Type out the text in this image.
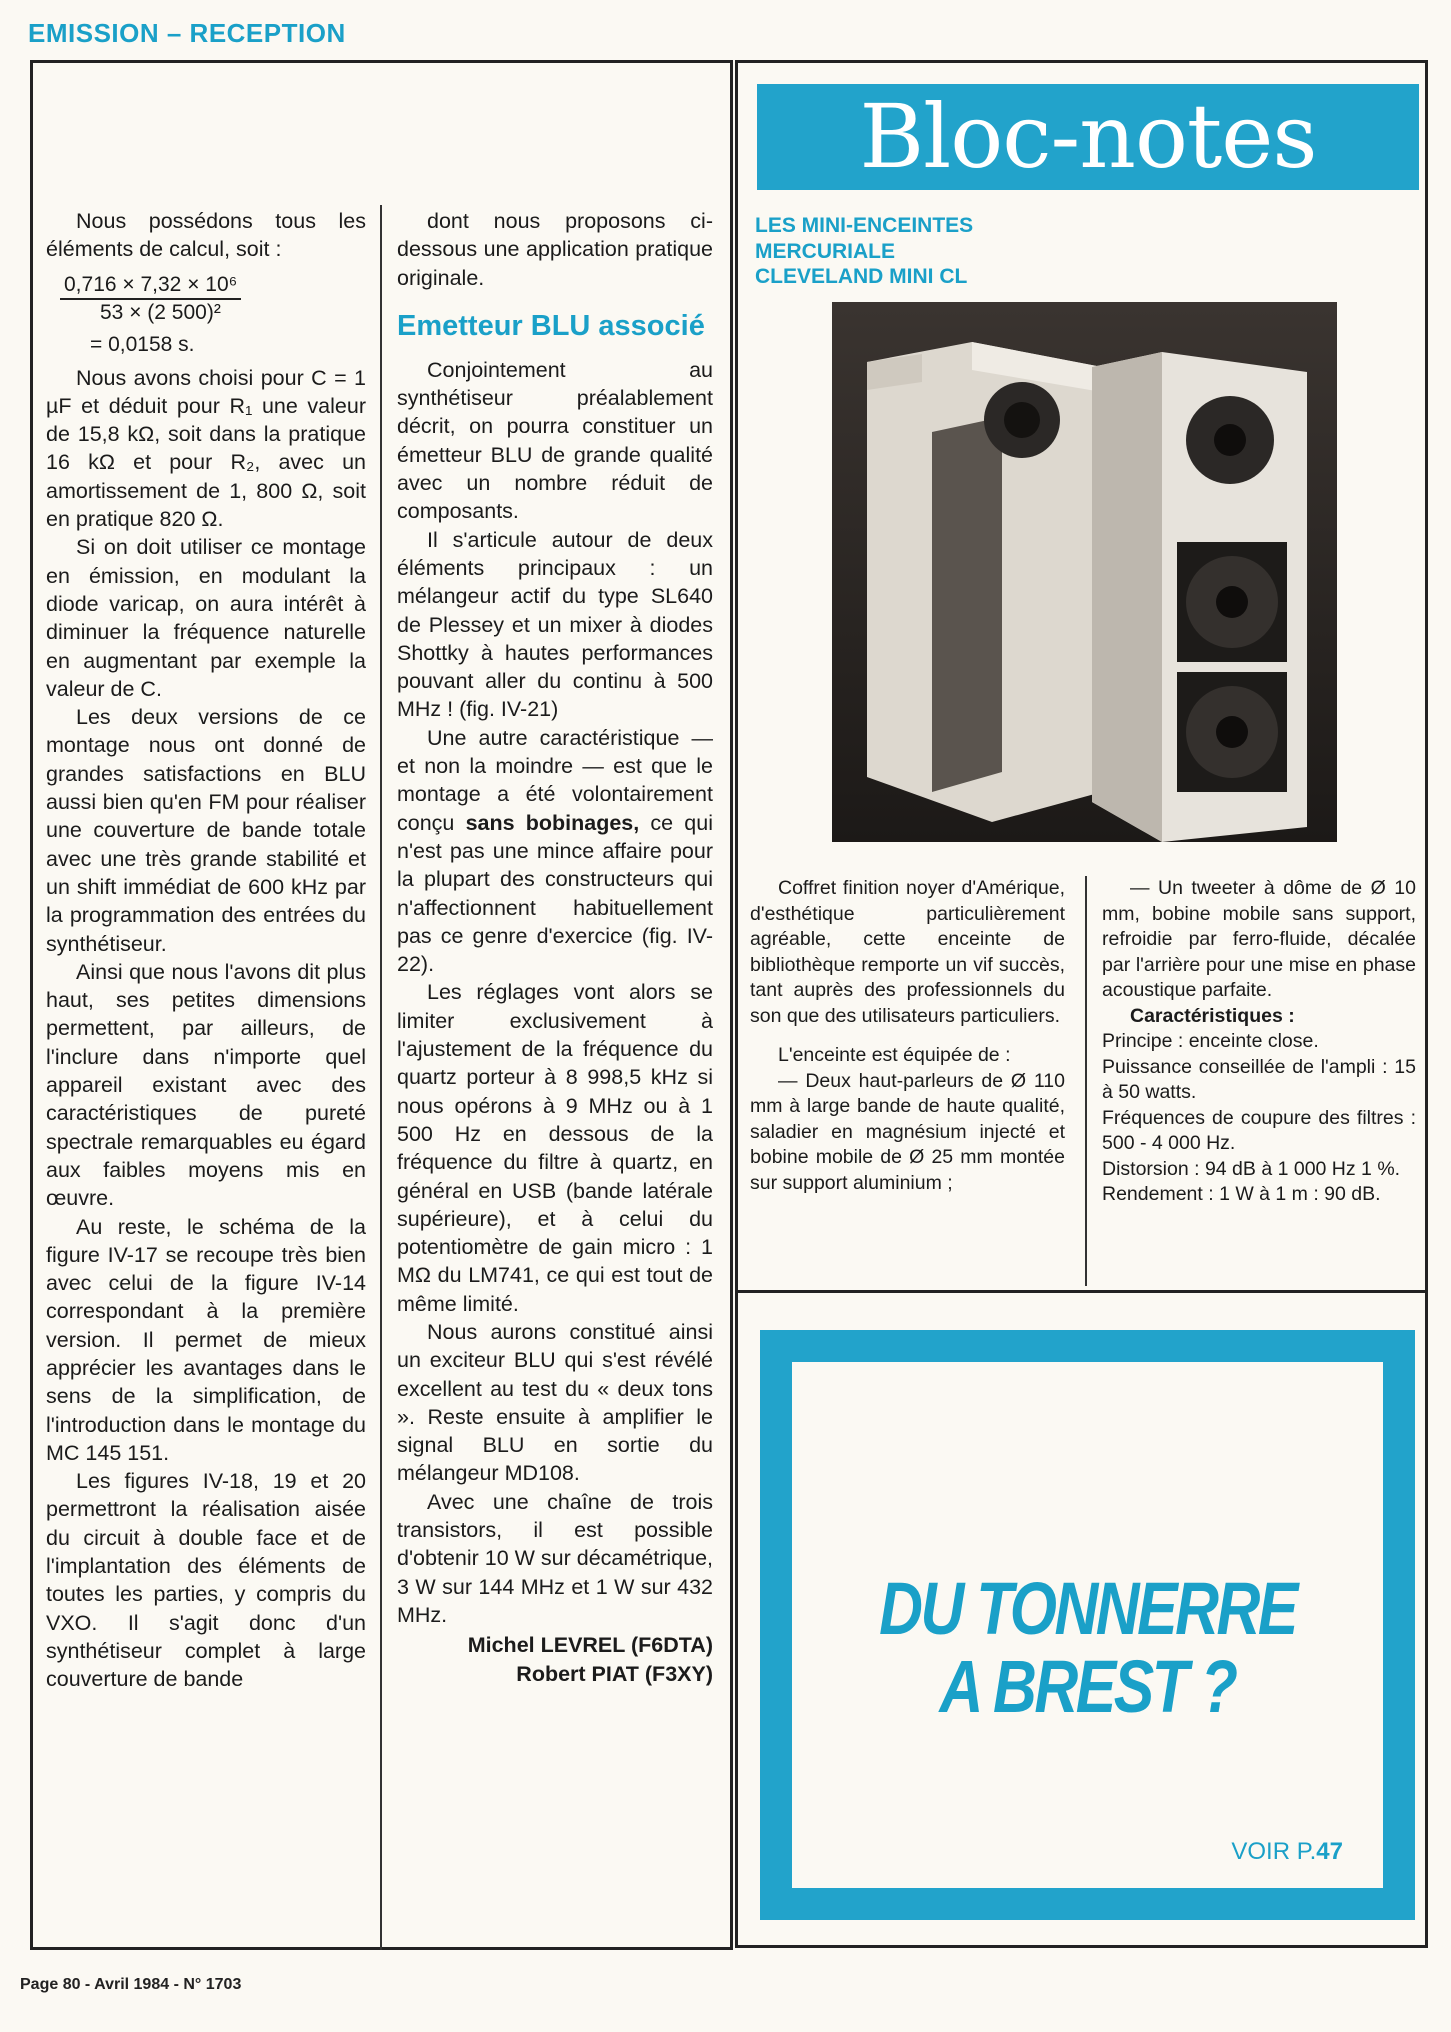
EMISSION – RECEPTION

Nous possédons tous les éléments de calcul, soit :

0,716 × 7,32 × 10⁶
53 × (2 500)²
= 0,0158 s.

Nous avons choisi pour C = 1 µF et déduit pour R₁ une valeur de 15,8 kΩ, soit dans la pratique 16 kΩ et pour R₂, avec un amortissement de 1, 800 Ω, soit en pratique 820 Ω.

Si on doit utiliser ce montage en émission, en modulant la diode varicap, on aura intérêt à diminuer la fréquence naturelle en augmentant par exemple la valeur de C.

Les deux versions de ce montage nous ont donné de grandes satisfactions en BLU aussi bien qu'en FM pour réaliser une couverture de bande totale avec une très grande stabilité et un shift immédiat de 600 kHz par la programmation des entrées du synthétiseur.

Ainsi que nous l'avons dit plus haut, ses petites dimensions permettent, par ailleurs, de l'inclure dans n'importe quel appareil existant avec des caractéristiques de pureté spectrale remarquables eu égard aux faibles moyens mis en œuvre.

Au reste, le schéma de la figure IV-17 se recoupe très bien avec celui de la figure IV-14 correspondant à la première version. Il permet de mieux apprécier les avantages dans le sens de la simplification, de l'introduction dans le montage du MC 145 151.

Les figures IV-18, 19 et 20 permettront la réalisation aisée du circuit à double face et de l'implantation des éléments de toutes les parties, y compris du VXO. Il s'agit donc d'un synthétiseur complet à large couverture de bande

dont nous proposons ci-dessous une application pratique originale.

Emetteur BLU associé

Conjointement au synthétiseur préalablement décrit, on pourra constituer un émetteur BLU de grande qualité avec un nombre réduit de composants.

Il s'articule autour de deux éléments principaux : un mélangeur actif du type SL640 de Plessey et un mixer à diodes Shottky à hautes performances pouvant aller du continu à 500 MHz ! (fig. IV-21)

Une autre caractéristique — et non la moindre — est que le montage a été volontairement conçu sans bobinages, ce qui n'est pas une mince affaire pour la plupart des constructeurs qui n'affectionnent habituellement pas ce genre d'exercice (fig. IV-22).

Les réglages vont alors se limiter exclusivement à l'ajustement de la fréquence du quartz porteur à 8 998,5 kHz si nous opérons à 9 MHz ou à 1 500 Hz en dessous de la fréquence du filtre à quartz, en général en USB (bande latérale supérieure), et à celui du potentiomètre de gain micro : 1 MΩ du LM741, ce qui est tout de même limité.

Nous aurons constitué ainsi un exciteur BLU qui s'est révélé excellent au test du « deux tons ». Reste ensuite à amplifier le signal BLU en sortie du mélangeur MD108.

Avec une chaîne de trois transistors, il est possible d'obtenir 10 W sur décamétrique, 3 W sur 144 MHz et 1 W sur 432 MHz.

Michel LEVREL (F6DTA)
Robert PIAT (F3XY)
Bloc-notes
LES MINI-ENCEINTES
MERCURIALE
CLEVELAND MINI CL

Coffret finition noyer d'Amérique, d'esthétique particulièrement agréable, cette enceinte de bibliothèque remporte un vif succès, tant auprès des professionnels du son que des utilisateurs particuliers.

L'enceinte est équipée de :

— Deux haut-parleurs de Ø 110 mm à large bande de haute qualité, saladier en magnésium injecté et bobine mobile de Ø 25 mm montée sur support aluminium ;

— Un tweeter à dôme de Ø 10 mm, bobine mobile sans support, refroidie par ferro-fluide, décalée par l'arrière pour une mise en phase acoustique parfaite.

Caractéristiques :

Principe : enceinte close.
Puissance conseillée de l'ampli : 15 à 50 watts.
Fréquences de coupure des filtres : 500 - 4 000 Hz.
Distorsion : 94 dB à 1 000 Hz 1 %.
Rendement : 1 W à 1 m : 90 dB.
DU TONNERRE
A BREST ?
VOIR P.47
Page 80 - Avril 1984 - N° 1703
